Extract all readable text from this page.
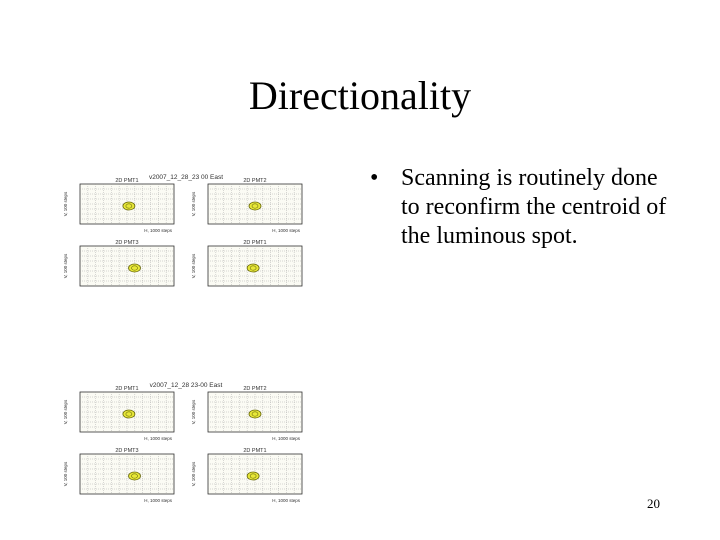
Directionality
• Scanning is routinely done to reconfirm the centroid of the luminous spot.
v2007_12_28_23 00 East
2D PMT1
V, 100 steps
H, 1000 steps
2D PMT2
V, 100 steps
H, 1000 steps
2D PMT3
V, 100 steps
2D PMT1
V, 100 steps
v2007_12_28 23-00 East
2D PMT1
V, 100 steps
H, 1000 steps
2D PMT2
V, 100 steps
H, 1000 steps
2D PMT3
V, 100 steps
H, 1000 steps
2D PMT1
V, 100 steps
H, 1000 steps	20
